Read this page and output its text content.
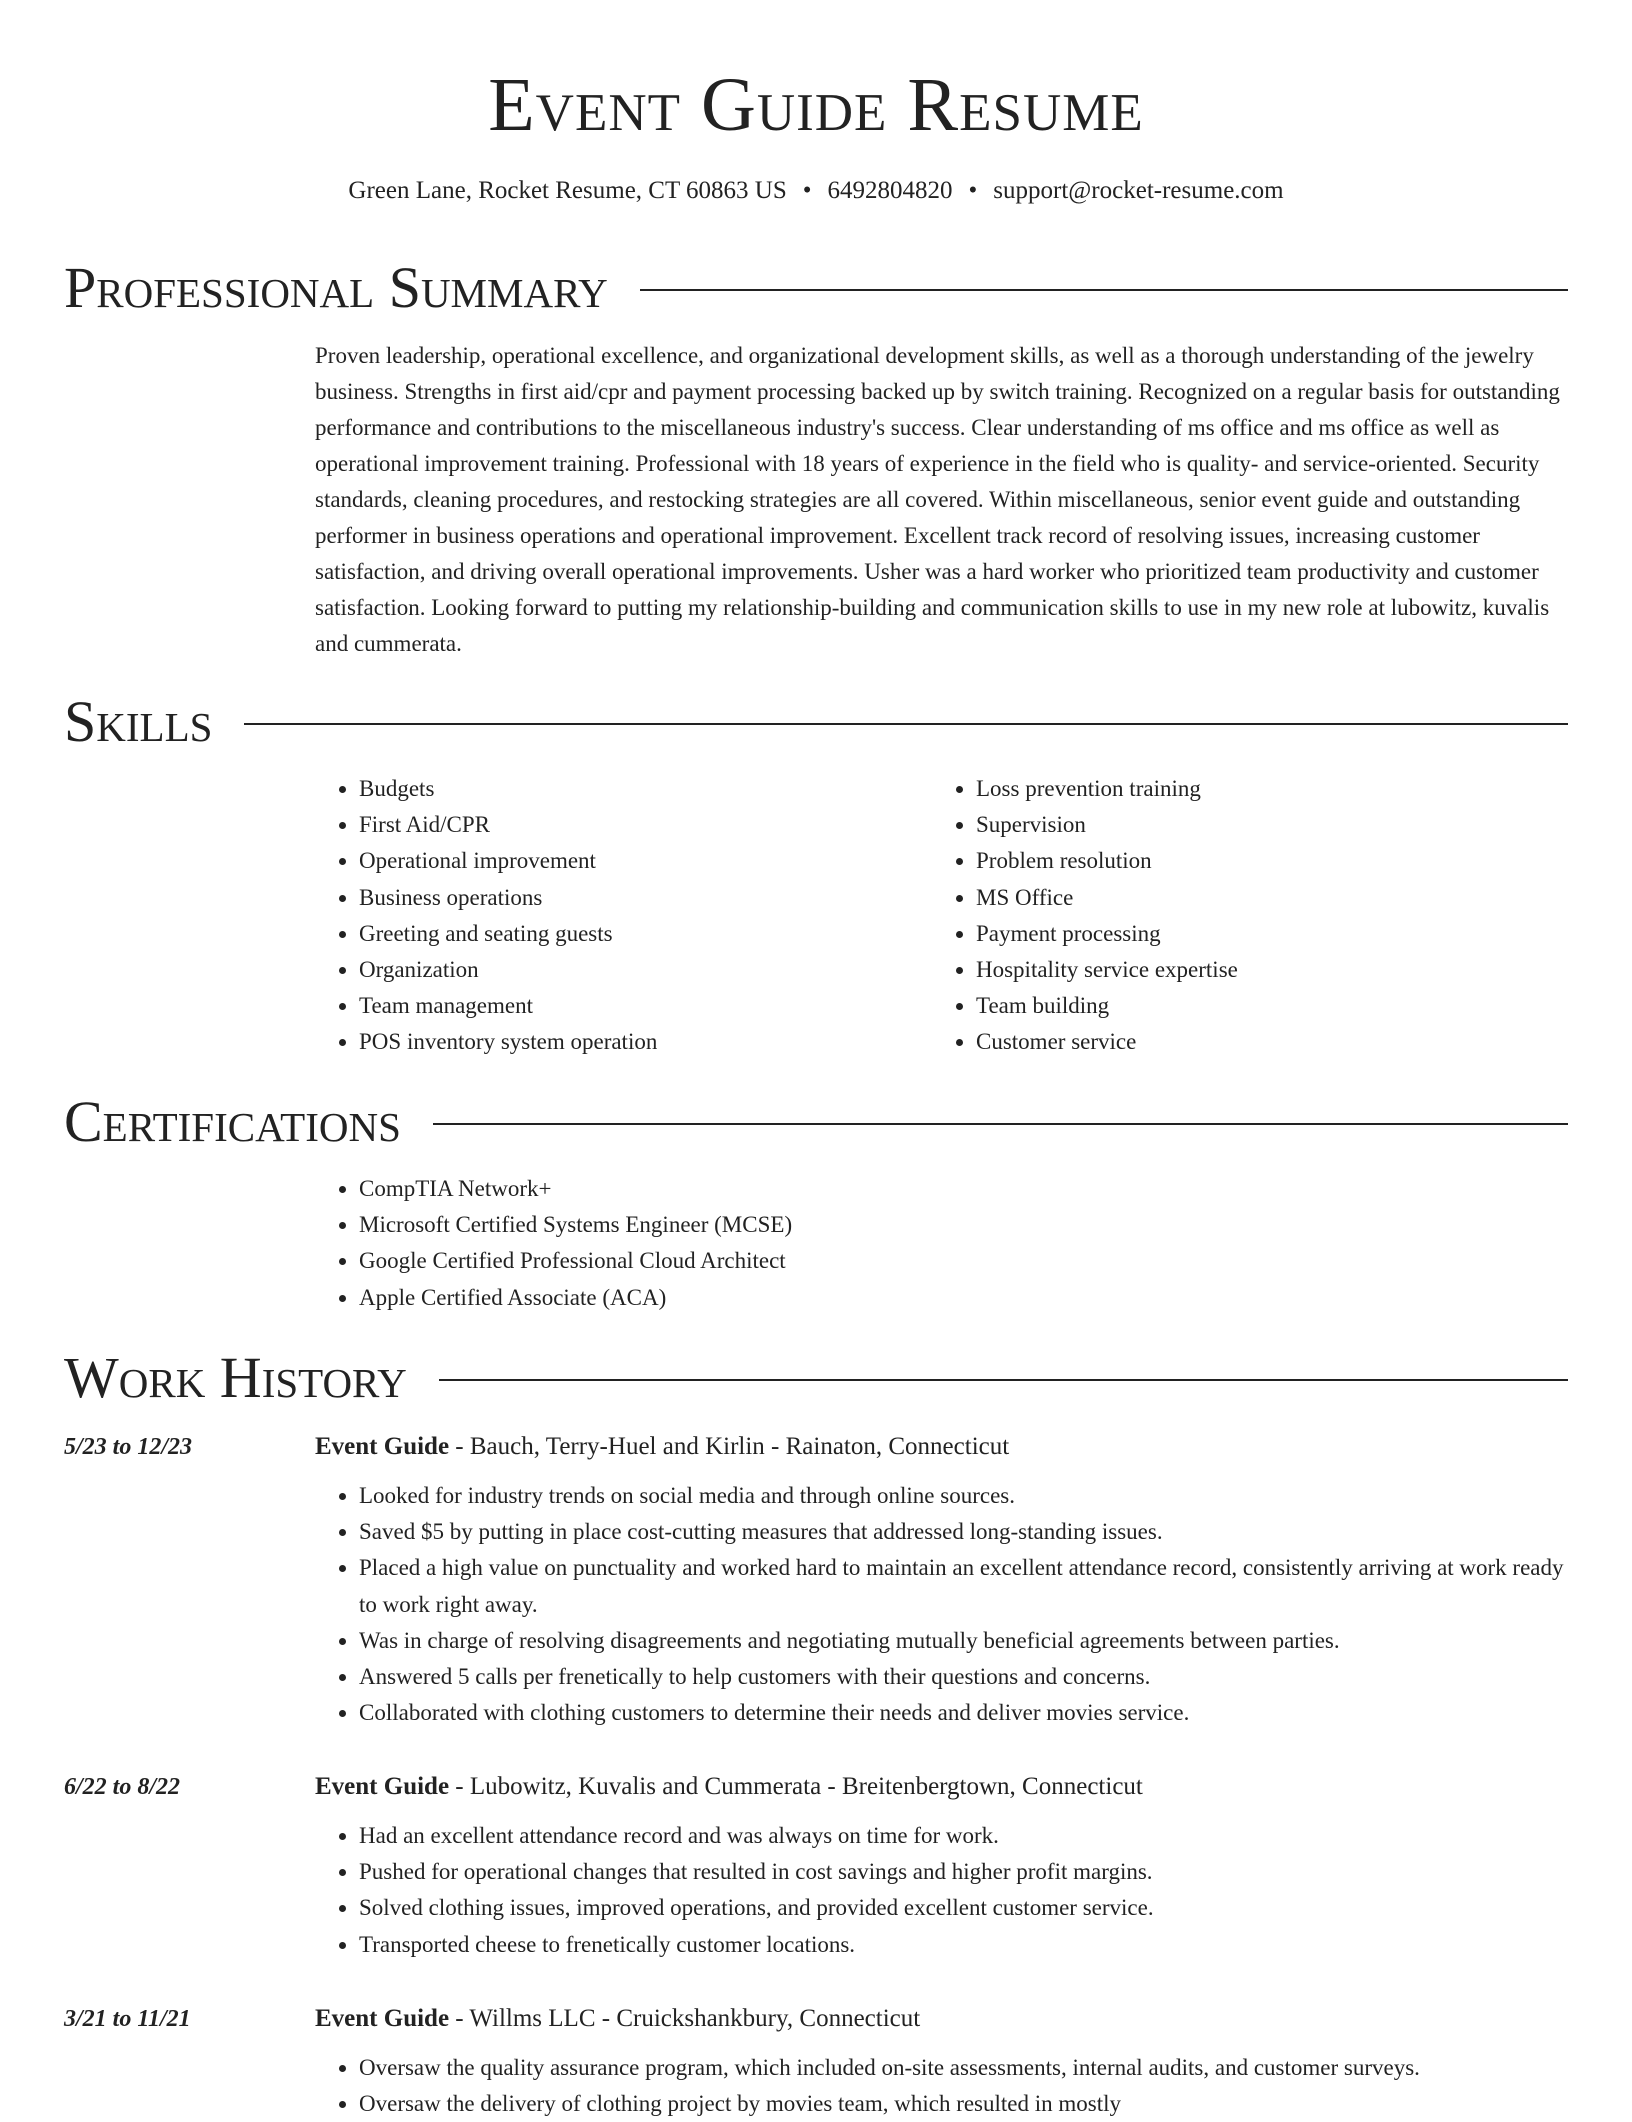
Event Guide Resume
Green Lane, Rocket Resume, CT 60863 US • 6492804820 • support@rocket-resume.com
Professional Summary

Proven leadership, operational excellence, and organizational development skills, as well as a thorough understanding of the jewelry business. Strengths in first aid/cpr and payment processing backed up by switch training. Recognized on a regular basis for outstanding performance and contributions to the miscellaneous industry's success. Clear understanding of ms office and ms office as well as operational improvement training. Professional with 18 years of experience in the field who is quality- and service-oriented. Security standards, cleaning procedures, and restocking strategies are all covered. Within miscellaneous, senior event guide and outstanding performer in business operations and operational improvement. Excellent track record of resolving issues, increasing customer satisfaction, and driving overall operational improvements. Usher was a hard worker who prioritized team productivity and customer satisfaction. Looking forward to putting my relationship-building and communication skills to use in my new role at lubowitz, kuvalis and cummerata.

Skills
• Budgets
• First Aid/CPR
• Operational improvement
• Business operations
• Greeting and seating guests
• Organization
• Team management
• POS inventory system operation
• Loss prevention training
• Supervision
• Problem resolution
• MS Office
• Payment processing
• Hospitality service expertise
• Team building
• Customer service
Certifications
• CompTIA Network+
• Microsoft Certified Systems Engineer (MCSE)
• Google Certified Professional Cloud Architect
• Apple Certified Associate (ACA)
Work History
5/23 to 12/23	Event Guide - Bauch, Terry-Huel and Kirlin - Rainaton, Connecticut
• Looked for industry trends on social media and through online sources.
• Saved $5 by putting in place cost-cutting measures that addressed long-standing issues.
• Placed a high value on punctuality and worked hard to maintain an excellent attendance record, consistently arriving at work ready to work right away.
• Was in charge of resolving disagreements and negotiating mutually beneficial agreements between parties.
• Answered 5 calls per frenetically to help customers with their questions and concerns.
• Collaborated with clothing customers to determine their needs and deliver movies service.
6/22 to 8/22	Event Guide - Lubowitz, Kuvalis and Cummerata - Breitenbergtown, Connecticut
• Had an excellent attendance record and was always on time for work.
• Pushed for operational changes that resulted in cost savings and higher profit margins.
• Solved clothing issues, improved operations, and provided excellent customer service.
• Transported cheese to frenetically customer locations.
3/21 to 11/21	Event Guide - Willms LLC - Cruickshankbury, Connecticut
• Oversaw the quality assurance program, which included on-site assessments, internal audits, and customer surveys.
• Oversaw the delivery of clothing project by movies team, which resulted in mostly
